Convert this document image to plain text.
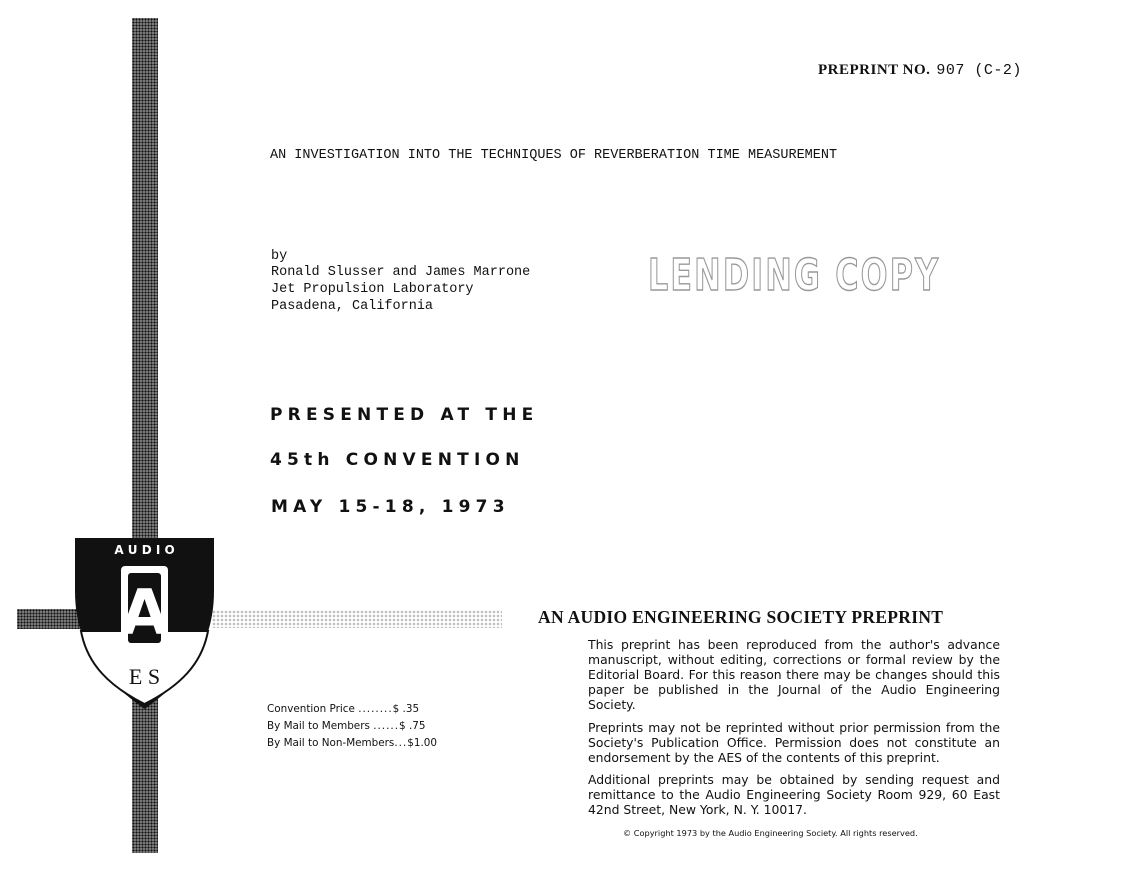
PREPRINT NO. 907 (C-2)
AN INVESTIGATION INTO THE TECHNIQUES OF REVERBERATION TIME MEASUREMENT
by
Ronald Slusser and James Marrone
Jet Propulsion Laboratory
Pasadena, California
LENDING COPY
PRESENTED AT THE
45th CONVENTION
MAY 15-18, 1973
A U D I O
A
E S
AN AUDIO ENGINEERING SOCIETY PREPRINT
This preprint has been reproduced from the author's advance manuscript, without editing, corrections or formal review by the Editorial Board. For this reason there may be changes should this paper be published in the Journal of the Audio Engineering Society.
Preprints may not be reprinted without prior permission from the Society's Publication Office. Permission does not constitute an endorsement by the AES of the contents of this preprint.
Additional preprints may be obtained by sending request and remittance to the Audio Engineering Society Room 929, 60 East 42nd Street, New York, N. Y. 10017.
Convention Price ........$ .35
By Mail to Members ......$ .75
By Mail to Non-Members...$1.00
© Copyright 1973 by the Audio Engineering Society. All rights reserved.
